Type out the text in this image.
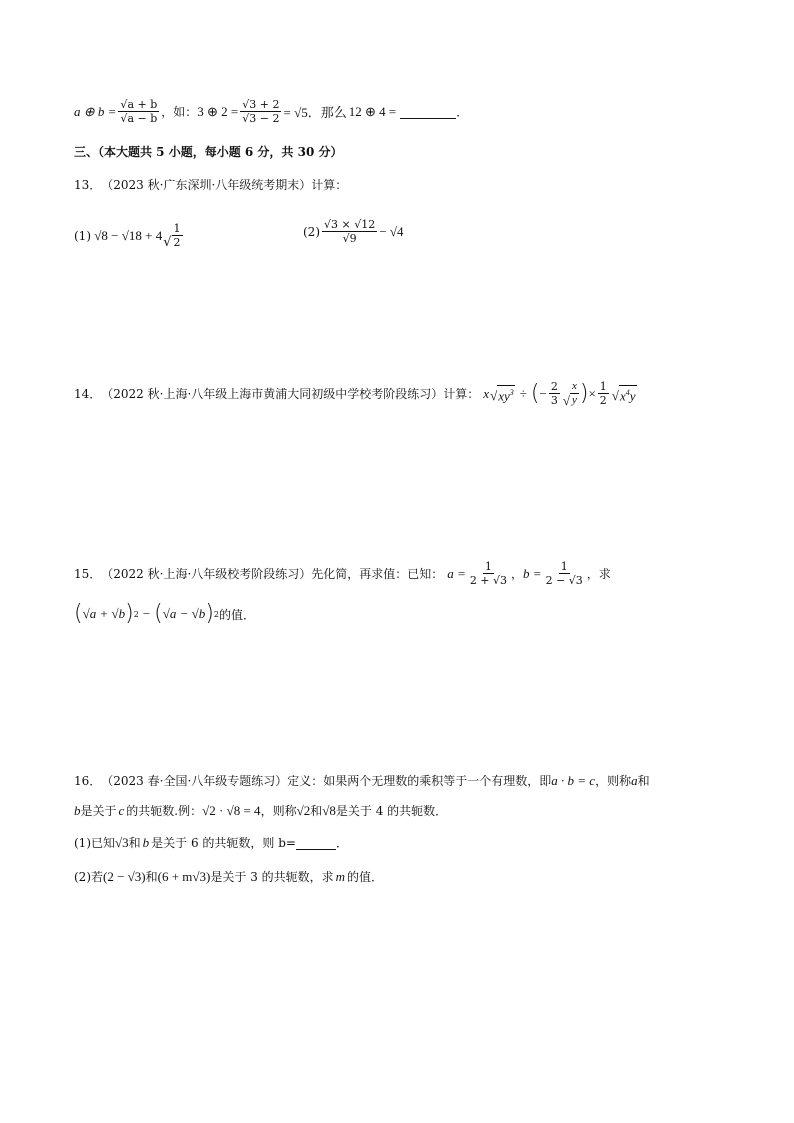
a ⊕ $b = \frac{√a + b}{√a - b}$ ，如： 3 ⊕ $2 = \frac{√3 + 2}{√3 - 2} = √5$．那么 12 ⊕ 4 =
	．
三、（本大题共 5 小题，每小题 6 分，共 30 分）
13． （2023 秋·广东深圳·八年级统考期末）计算：
(1) √8 − √18 + 4 √ $\frac{1}{2}$	$(2) \frac{√3 \times √12}{√9} - √4$
14． （2022 秋·上海·八年级上海市黄浦大同初级中学校考阶段练习）计算： x √ $xy^3$ ÷ ( − $\frac{2}{3}$ √ $\frac{x}{y}$ ) × $\frac{1}{2}$ √ $x^4y$
15． （2022 秋·上海·八年级校考阶段练习）先化简，再求值：已知： $a = \frac{1}{2 + √3}$ ， $b = \frac{1}{2 - √3}$ ，求
( √a + √b ) 2 − ( √a − √b ) 2 的值．
16． （2023 春·全国·八年级专题练习）定义：如果两个无理数的乘积等于一个有理数，即 a · b = c ，则称 a 和
b 是关于 c 的共轭数.例： √2 · √8 = 4 ，则称 √2 和 √8 是关于 4 的共轭数．
(1)已知 √3 和 b 是关于 6 的共轭数，则 b=
	．
(2)若 (2 − √3) 和 (6 + m√3) 是关于 3 的共轭数，求 m 的值．
